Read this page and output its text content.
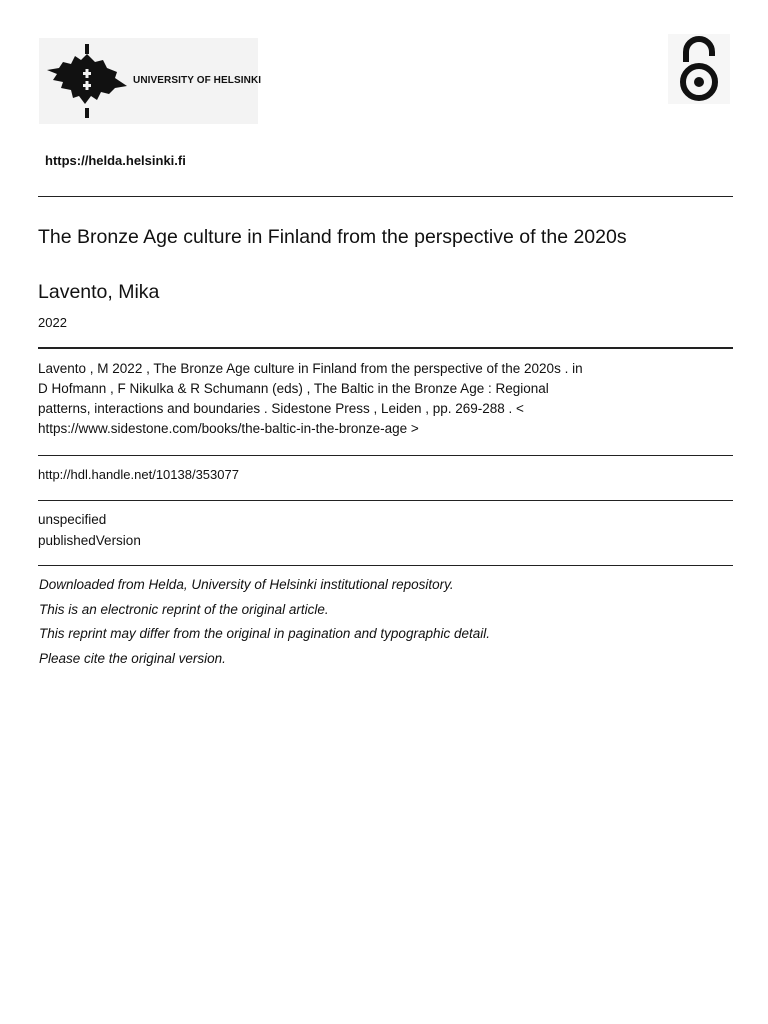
UNIVERSITY OF HELSINKI
https://helda.helsinki.fi
The Bronze Age culture in Finland from the perspective of the 2020s
Lavento, Mika
2022
Lavento , M 2022 , The Bronze Age culture in Finland from the perspective of the 2020s . in
D Hofmann , F Nikulka & R Schumann (eds) , The Baltic in the Bronze Age : Regional
patterns, interactions and boundaries . Sidestone Press , Leiden , pp. 269-288 . <
https://www.sidestone.com/books/the-baltic-in-the-bronze-age >
http://hdl.handle.net/10138/353077
unspecified
publishedVersion
Downloaded from Helda, University of Helsinki institutional repository.
This is an electronic reprint of the original article.
This reprint may differ from the original in pagination and typographic detail.
Please cite the original version.
